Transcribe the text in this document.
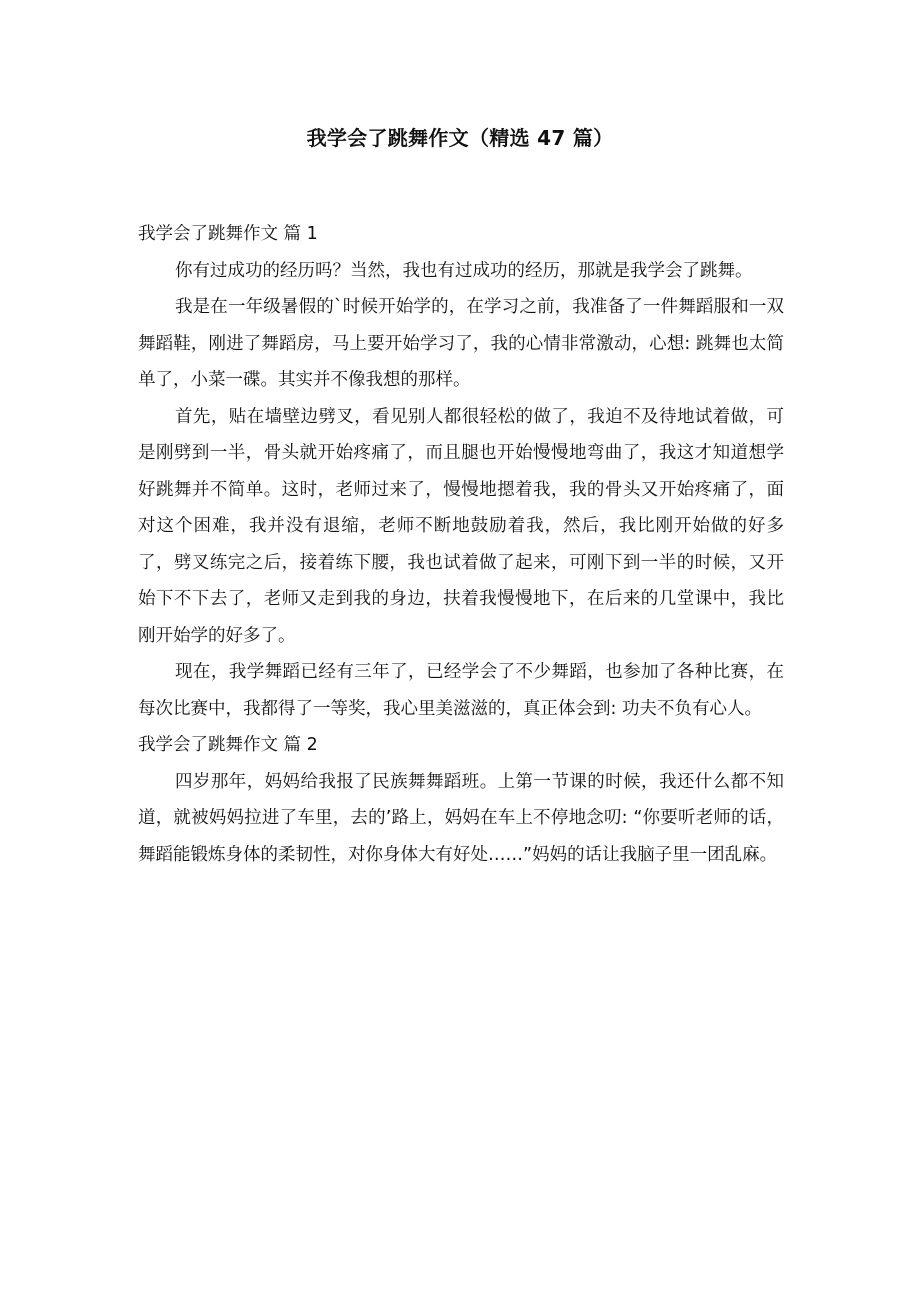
我学会了跳舞作文（精选 47 篇）

我学会了跳舞作文 篇 1

你有过成功的经历吗？当然，我也有过成功的经历，那就是我学会了跳舞。

我是在一年级暑假的`时候开始学的，在学习之前，我准备了一件舞蹈服和一双舞蹈鞋，刚进了舞蹈房，马上要开始学习了，我的心情非常激动，心想: 跳舞也太简单了，小菜一碟。其实并不像我想的那样。

首先，贴在墙壁边劈叉，看见别人都很轻松的做了，我迫不及待地试着做，可是刚劈到一半，骨头就开始疼痛了，而且腿也开始慢慢地弯曲了，我这才知道想学好跳舞并不简单。这时，老师过来了，慢慢地摁着我，我的骨头又开始疼痛了，面对这个困难，我并没有退缩，老师不断地鼓励着我，然后，我比刚开始做的好多了，劈叉练完之后，接着练下腰，我也试着做了起来，可刚下到一半的时候，又开始下不下去了，老师又走到我的身边，扶着我慢慢地下，在后来的几堂课中，我比刚开始学的好多了。

现在，我学舞蹈已经有三年了，已经学会了不少舞蹈，也参加了各种比赛，在每次比赛中，我都得了一等奖，我心里美滋滋的，真正体会到: 功夫不负有心人。

我学会了跳舞作文 篇 2

四岁那年，妈妈给我报了民族舞舞蹈班。上第一节课的时候，我还什么都不知道，就被妈妈拉进了车里，去的’路上，妈妈在车上不停地念叨: “你要听老师的话，舞蹈能锻炼身体的柔韧性，对你身体大有好处……”妈妈的话让我脑子里一团乱麻。
